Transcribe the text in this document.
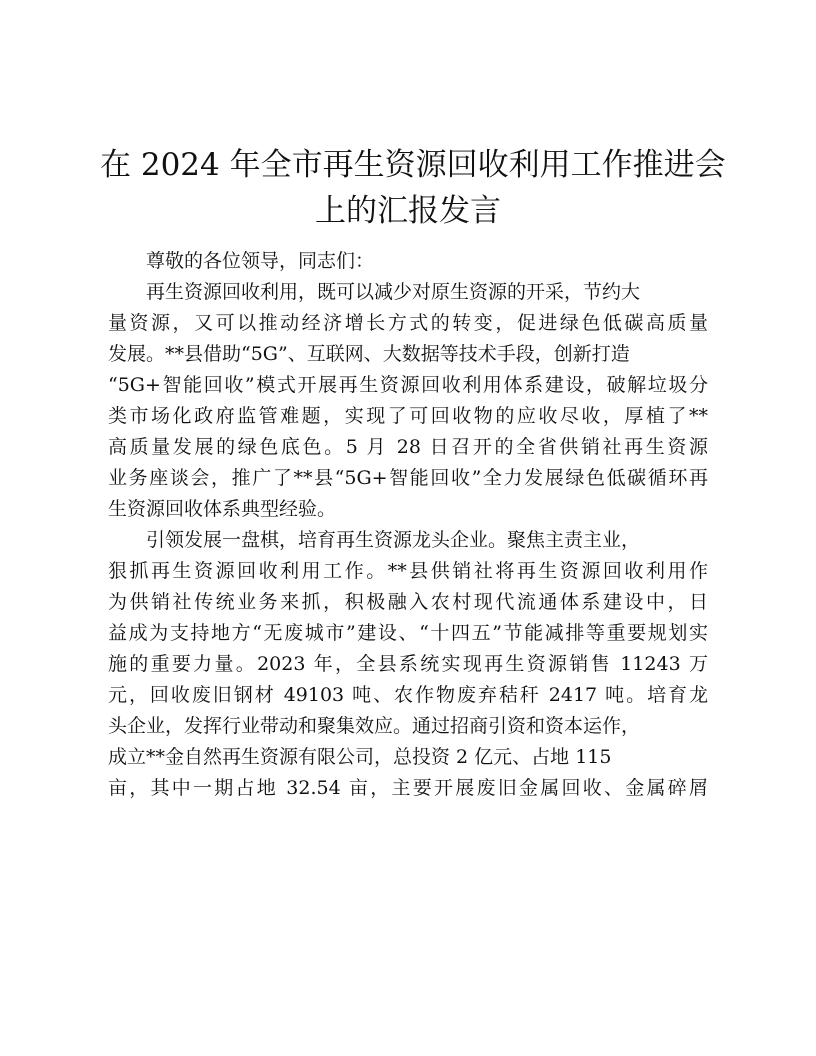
在 2024 年全市再生资源回收利用工作推进会
上的汇报发言
尊敬的各位领导，同志们：
再生资源回收利用，既可以减少对原生资源的开采，节约大
量资源，又可以推动经济增长方式的转变，促进绿色低碳高质量
发展。**县借助“5G”、互联网、大数据等技术手段，创新打造
“5G+智能回收”模式开展再生资源回收利用体系建设，破解垃圾分
类市场化政府监管难题，实现了可回收物的应收尽收，厚植了**
高质量发展的绿色底色。5 月 28 日召开的全省供销社再生资源
业务座谈会，推广了**县“5G+智能回收”全力发展绿色低碳循环再
生资源回收体系典型经验。
引领发展一盘棋，培育再生资源龙头企业。聚焦主责主业，
狠抓再生资源回收利用工作。**县供销社将再生资源回收利用作
为供销社传统业务来抓，积极融入农村现代流通体系建设中，日
益成为支持地方“无废城市”建设、“十四五”节能减排等重要规划实
施的重要力量。2023 年，全县系统实现再生资源销售 11243 万
元，回收废旧钢材 49103 吨、农作物废弃秸秆 2417 吨。培育龙
头企业，发挥行业带动和聚集效应。通过招商引资和资本运作，
成立**金自然再生资源有限公司，总投资 2 亿元、占地 115
亩，其中一期占地 32.54 亩，主要开展废旧金属回收、金属碎屑
